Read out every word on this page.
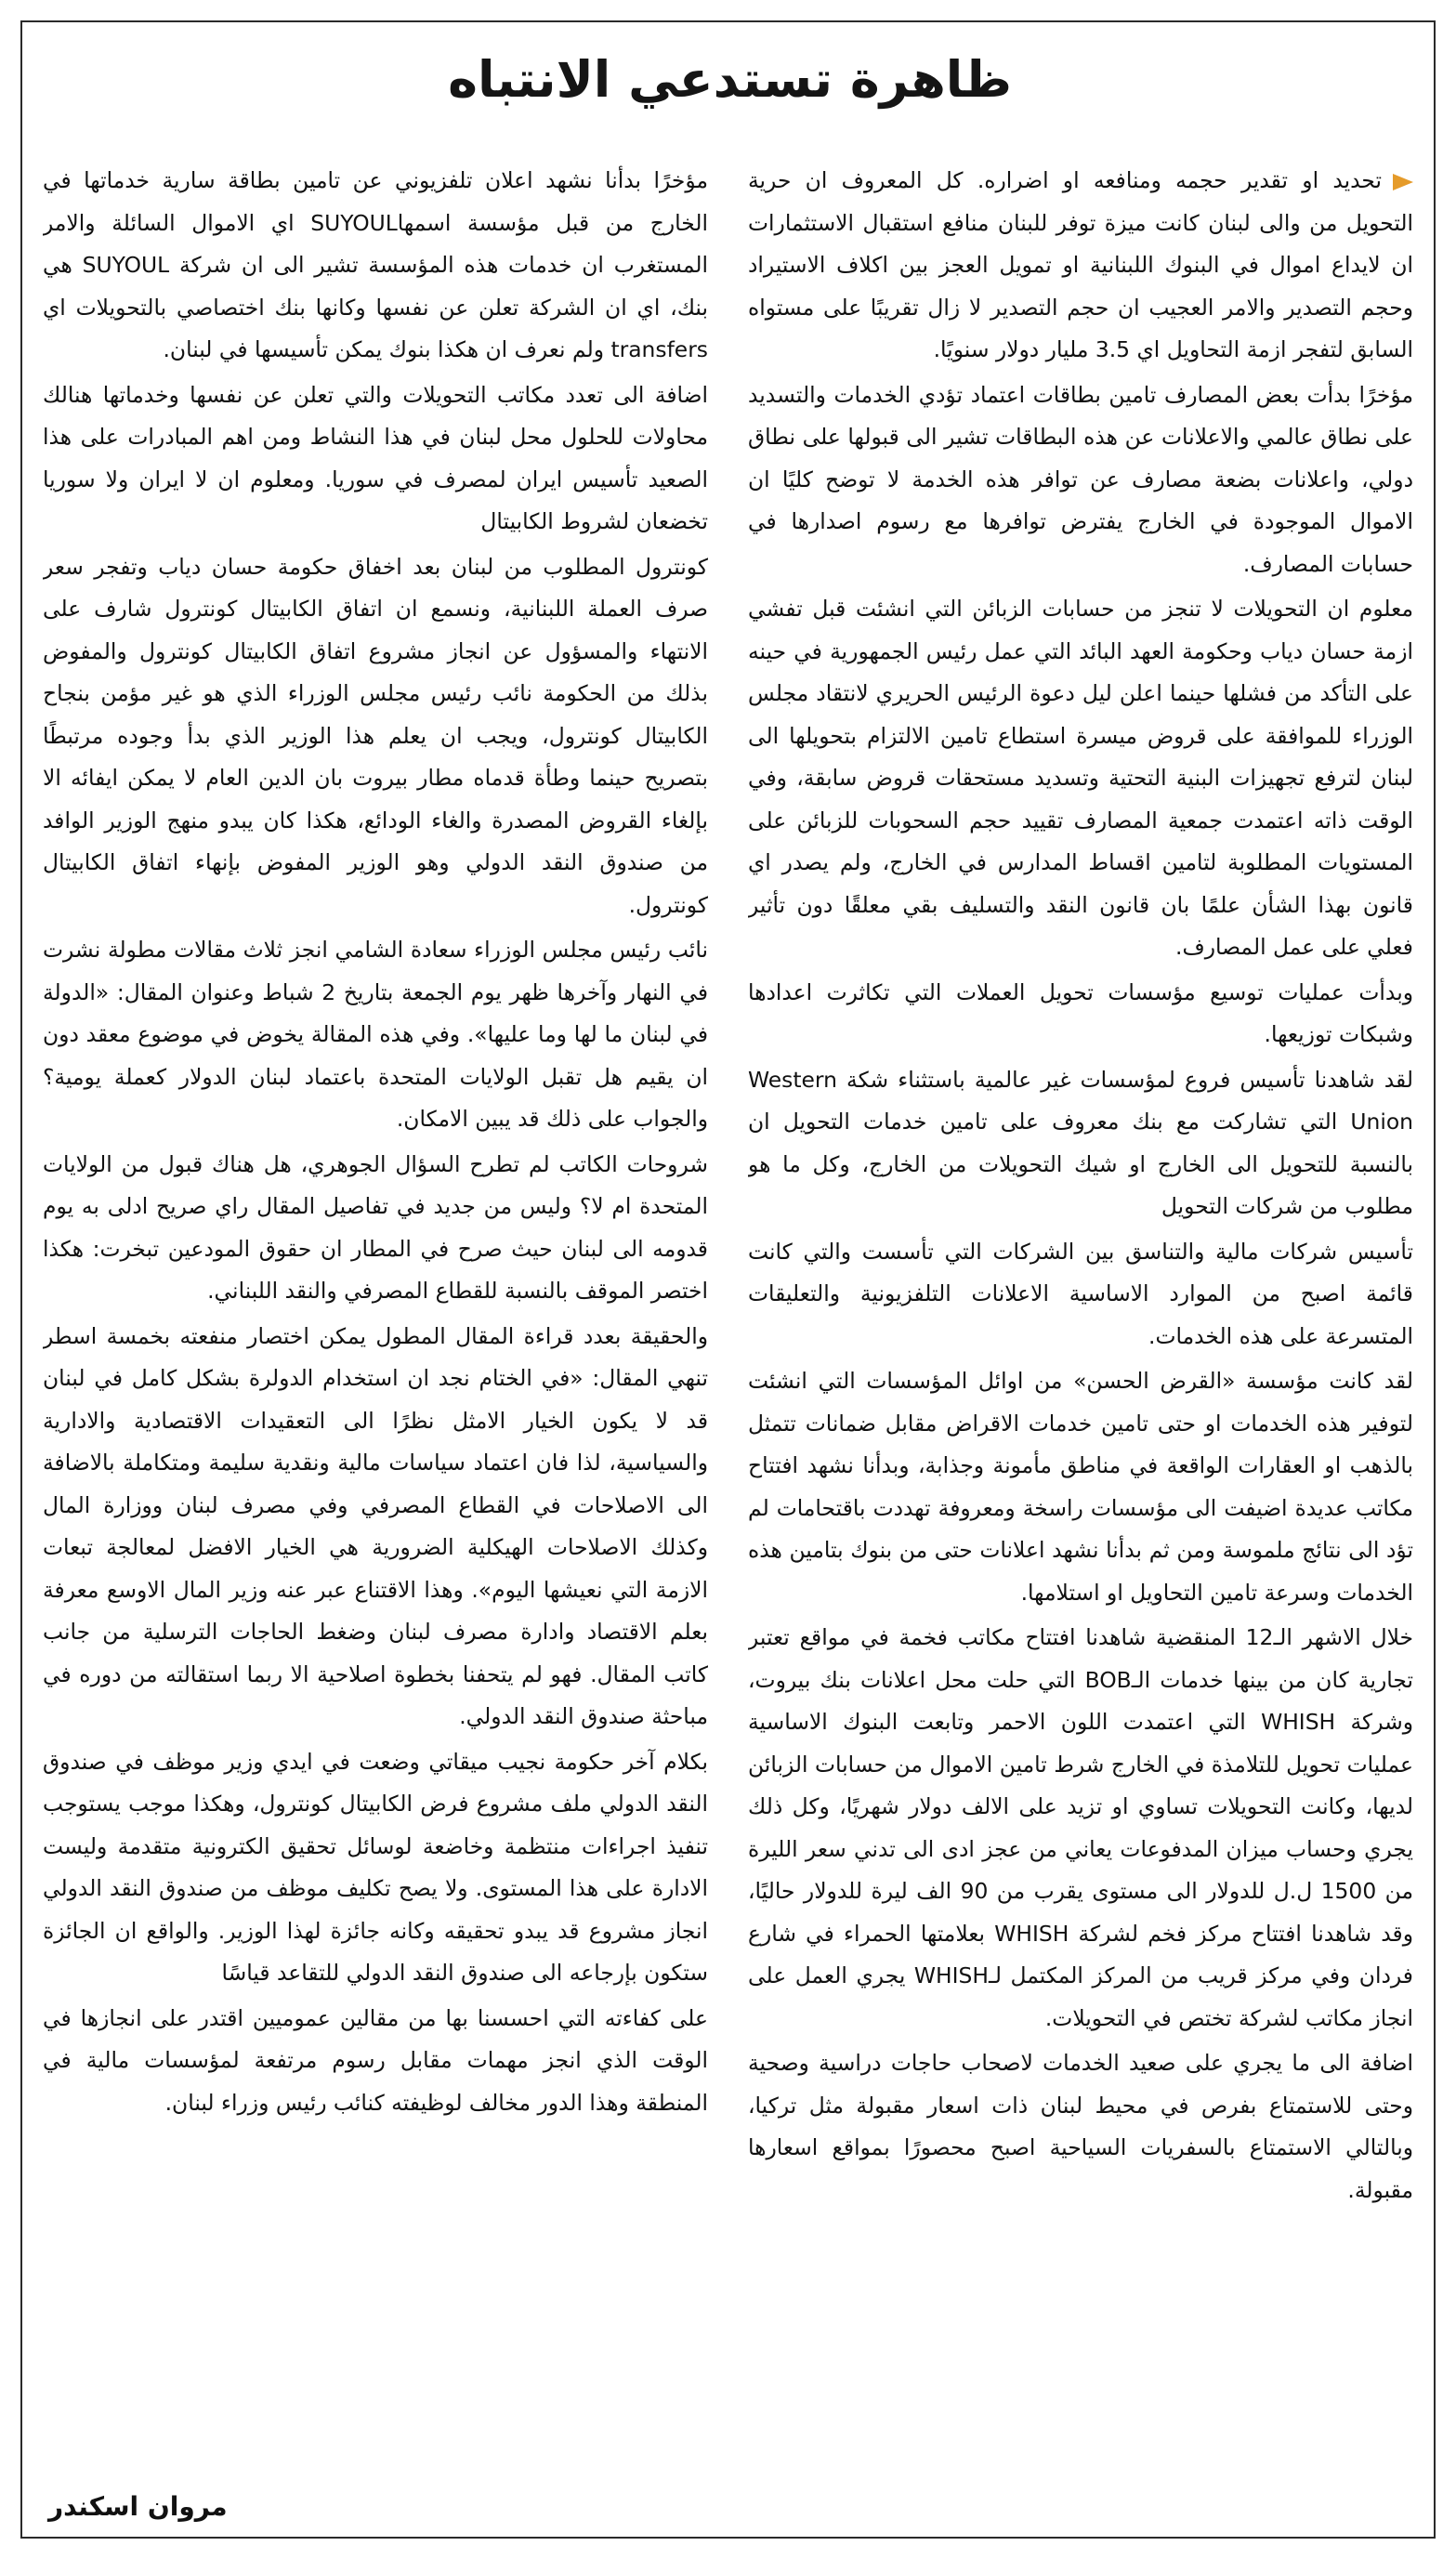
ظاهرة تستدعي الانتباه

تحديد او تقدير حجمه ومنافعه او اضراره. كل المعروف ان حرية التحويل من والى لبنان كانت ميزة توفر للبنان منافع استقبال الاستثمارات ان لايداع اموال في البنوك اللبنانية او تمويل العجز بين اكلاف الاستيراد وحجم التصدير والامر العجيب ان حجم التصدير لا زال تقريبًا على مستواه السابق لتفجر ازمة التحاويل اي 3.5 مليار دولار سنويًا.

مؤخرًا بدأت بعض المصارف تامين بطاقات اعتماد تؤدي الخدمات والتسديد على نطاق عالمي والاعلانات عن هذه البطاقات تشير الى قبولها على نطاق دولي، واعلانات بضعة مصارف عن توافر هذه الخدمة لا توضح كليًا ان الاموال الموجودة في الخارج يفترض توافرها مع رسوم اصدارها في حسابات المصارف.

معلوم ان التحويلات لا تنجز من حسابات الزبائن التي انشئت قبل تفشي ازمة حسان دياب وحكومة العهد البائد التي عمل رئيس الجمهورية في حينه على التأكد من فشلها حينما اعلن ليل دعوة الرئيس الحريري لانتقاد مجلس الوزراء للموافقة على قروض ميسرة استطاع تامين الالتزام بتحويلها الى لبنان لترفع تجهيزات البنية التحتية وتسديد مستحقات قروض سابقة، وفي الوقت ذاته اعتمدت جمعية المصارف تقييد حجم السحوبات للزبائن على المستويات المطلوبة لتامين اقساط المدارس في الخارج، ولم يصدر اي قانون بهذا الشأن علمًا بان قانون النقد والتسليف بقي معلقًا دون تأثير فعلي على عمل المصارف.

وبدأت عمليات توسيع مؤسسات تحويل العملات التي تكاثرت اعدادها وشبكات توزيعها.

لقد شاهدنا تأسيس فروع لمؤسسات غير عالمية باستثناء شكة Western Union التي تشاركت مع بنك معروف على تامين خدمات التحويل ان بالنسبة للتحويل الى الخارج او شيك التحويلات من الخارج، وكل ما هو مطلوب من شركات التحويل

تأسيس شركات مالية والتناسق بين الشركات التي تأسست والتي كانت قائمة اصبح من الموارد الاساسية الاعلانات التلفزيونية والتعليقات المتسرعة على هذه الخدمات.

لقد كانت مؤسسة «القرض الحسن» من اوائل المؤسسات التي انشئت لتوفير هذه الخدمات او حتى تامين خدمات الاقراض مقابل ضمانات تتمثل بالذهب او العقارات الواقعة في مناطق مأمونة وجذابة، وبدأنا نشهد افتتاح مكاتب عديدة اضيفت الى مؤسسات راسخة ومعروفة تهددت باقتحامات لم تؤد الى نتائج ملموسة ومن ثم بدأنا نشهد اعلانات حتى من بنوك بتامين هذه الخدمات وسرعة تامين التحاويل او استلامها.

خلال الاشهر الـ12 المنقضية شاهدنا افتتاح مكاتب فخمة في مواقع تعتبر تجارية كان من بينها خدمات الـBOB التي حلت محل اعلانات بنك بيروت، وشركة WHISH التي اعتمدت اللون الاحمر وتابعت البنوك الاساسية عمليات تحويل للتلامذة في الخارج شرط تامين الاموال من حسابات الزبائن لديها، وكانت التحويلات تساوي او تزيد على الالف دولار شهريًا، وكل ذلك يجري وحساب ميزان المدفوعات يعاني من عجز ادى الى تدني سعر الليرة من 1500 ل.ل للدولار الى مستوى يقرب من 90 الف ليرة للدولار حاليًا، وقد شاهدنا افتتاح مركز فخم لشركة WHISH بعلامتها الحمراء في شارع فردان وفي مركز قريب من المركز المكتمل لـWHISH يجري العمل على انجاز مكاتب لشركة تختص في التحويلات.

اضافة الى ما يجري على صعيد الخدمات لاصحاب حاجات دراسية وصحية وحتى للاستمتاع بفرص في محيط لبنان ذات اسعار مقبولة مثل تركيا، وبالتالي الاستمتاع بالسفريات السياحية اصبح محصورًا بمواقع اسعارها مقبولة.

مؤخرًا بدأنا نشهد اعلان تلفزيوني عن تامين بطاقة سارية خدماتها في الخارج من قبل مؤسسة اسمهاSUYOUL اي الاموال السائلة والامر المستغرب ان خدمات هذه المؤسسة تشير الى ان شركة SUYOUL هي بنك، اي ان الشركة تعلن عن نفسها وكانها بنك اختصاصي بالتحويلات اي transfers ولم نعرف ان هكذا بنوك يمكن تأسيسها في لبنان.

اضافة الى تعدد مكاتب التحويلات والتي تعلن عن نفسها وخدماتها هنالك محاولات للحلول محل لبنان في هذا النشاط ومن اهم المبادرات على هذا الصعيد تأسيس ايران لمصرف في سوريا. ومعلوم ان لا ايران ولا سوريا تخضعان لشروط الكابيتال

كونترول المطلوب من لبنان بعد اخفاق حكومة حسان دياب وتفجر سعر صرف العملة اللبنانية، ونسمع ان اتفاق الكابيتال كونترول شارف على الانتهاء والمسؤول عن انجاز مشروع اتفاق الكابيتال كونترول والمفوض بذلك من الحكومة نائب رئيس مجلس الوزراء الذي هو غير مؤمن بنجاح الكابيتال كونترول، ويجب ان يعلم هذا الوزير الذي بدأ وجوده مرتبطًا بتصريح حينما وطأة قدماه مطار بيروت بان الدين العام لا يمكن ايفائه الا بإلغاء القروض المصدرة والغاء الودائع، هكذا كان يبدو منهج الوزير الوافد من صندوق النقد الدولي وهو الوزير المفوض بإنهاء اتفاق الكابيتال كونترول.

نائب رئيس مجلس الوزراء سعادة الشامي انجز ثلاث مقالات مطولة نشرت في النهار وآخرها ظهر يوم الجمعة بتاريخ 2 شباط وعنوان المقال: «الدولة في لبنان ما لها وما عليها». وفي هذه المقالة يخوض في موضوع معقد دون ان يقيم هل تقبل الولايات المتحدة باعتماد لبنان الدولار كعملة يومية؟ والجواب على ذلك قد يبين الامكان.

شروحات الكاتب لم تطرح السؤال الجوهري، هل هناك قبول من الولايات المتحدة ام لا؟ وليس من جديد في تفاصيل المقال راي صريح ادلى به يوم قدومه الى لبنان حيث صرح في المطار ان حقوق المودعين تبخرت: هكذا اختصر الموقف بالنسبة للقطاع المصرفي والنقد اللبناني.

والحقيقة بعدد قراءة المقال المطول يمكن اختصار منفعته بخمسة اسطر تنهي المقال: «في الختام نجد ان استخدام الدولرة بشكل كامل في لبنان قد لا يكون الخيار الامثل نظرًا الى التعقيدات الاقتصادية والادارية والسياسية، لذا فان اعتماد سياسات مالية ونقدية سليمة ومتكاملة بالاضافة الى الاصلاحات في القطاع المصرفي وفي مصرف لبنان ووزارة المال وكذلك الاصلاحات الهيكلية الضرورية هي الخيار الافضل لمعالجة تبعات الازمة التي نعيشها اليوم». وهذا الاقتناع عبر عنه وزير المال الاوسع معرفة بعلم الاقتصاد وادارة مصرف لبنان وضغط الحاجات الترسلية من جانب كاتب المقال. فهو لم يتحفنا بخطوة اصلاحية الا ربما استقالته من دوره في مباحثة صندوق النقد الدولي.

بكلام آخر حكومة نجيب ميقاتي وضعت في ايدي وزير موظف في صندوق النقد الدولي ملف مشروع فرض الكابيتال كونترول، وهكذا موجب يستوجب تنفيذ اجراءات منتظمة وخاضعة لوسائل تحقيق الكترونية متقدمة وليست الادارة على هذا المستوى. ولا يصح تكليف موظف من صندوق النقد الدولي انجاز مشروع قد يبدو تحقيقه وكانه جائزة لهذا الوزير. والواقع ان الجائزة ستكون بإرجاعه الى صندوق النقد الدولي للتقاعد قياسًا

على كفاءته التي احسسنا بها من مقالين عموميين اقتدر على انجازها في الوقت الذي انجز مهمات مقابل رسوم مرتفعة لمؤسسات مالية في المنطقة وهذا الدور مخالف لوظيفته كنائب رئيس وزراء لبنان.

مروان اسكندر
